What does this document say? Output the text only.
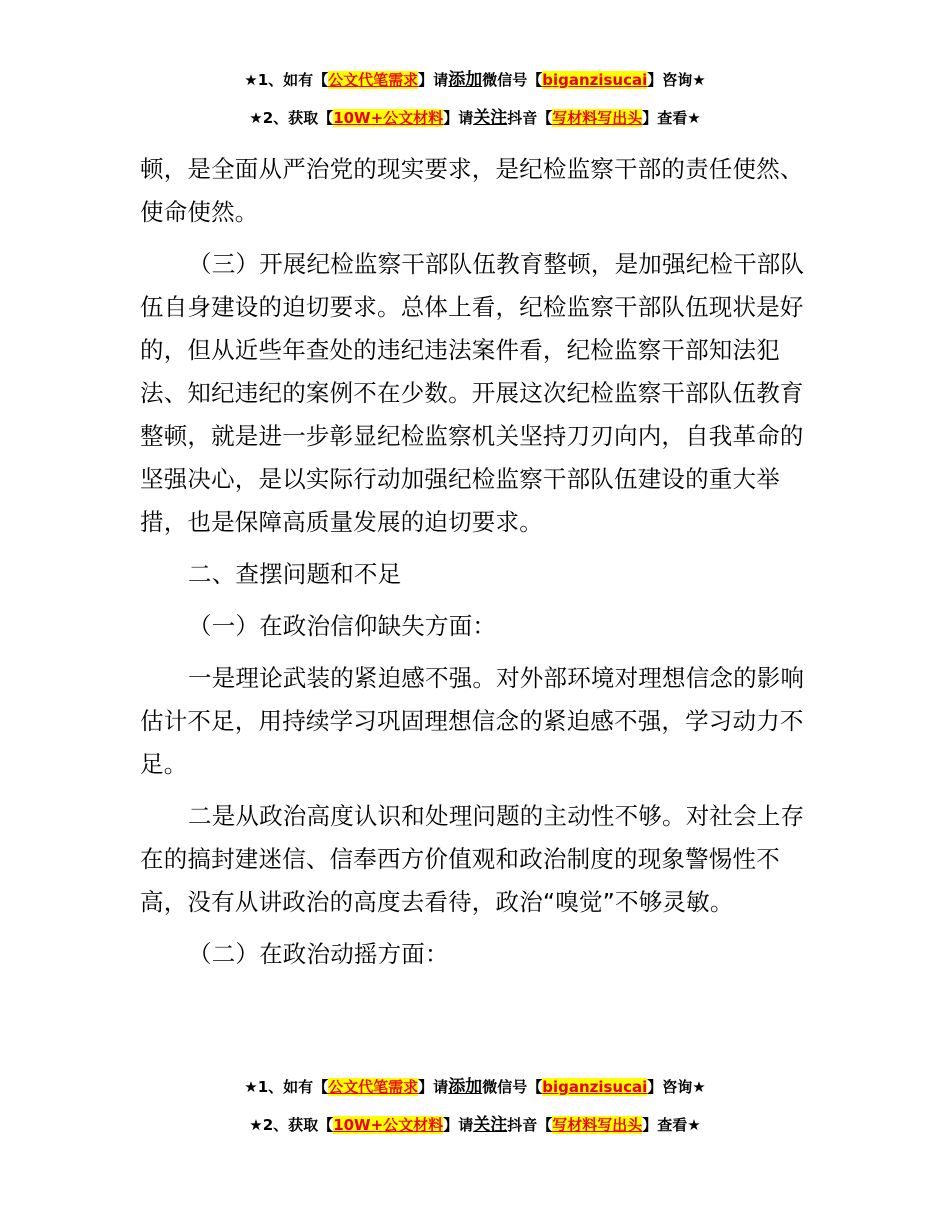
★1、如有【公文代笔需求】请添加微信号【biganzisucai】咨询★
★2、获取【10W+公文材料】请关注抖音【写材料写出头】查看★

顿，是全面从严治党的现实要求，是纪检监察干部的责任使然、使命使然。

（三）开展纪检监察干部队伍教育整顿，是加强纪检干部队伍自身建设的迫切要求。总体上看，纪检监察干部队伍现状是好的，但从近些年查处的违纪违法案件看，纪检监察干部知法犯法、知纪违纪的案例不在少数。开展这次纪检监察干部队伍教育整顿，就是进一步彰显纪检监察机关坚持刀刃向内，自我革命的坚强决心，是以实际行动加强纪检监察干部队伍建设的重大举措，也是保障高质量发展的迫切要求。

二、查摆问题和不足

（一）在政治信仰缺失方面：

一是理论武装的紧迫感不强。对外部环境对理想信念的影响估计不足，用持续学习巩固理想信念的紧迫感不强，学习动力不足。

二是从政治高度认识和处理问题的主动性不够。对社会上存在的搞封建迷信、信奉西方价值观和政治制度的现象警惕性不高，没有从讲政治的高度去看待，政治“嗅觉”不够灵敏。

（二）在政治动摇方面：

★1、如有【公文代笔需求】请添加微信号【biganzisucai】咨询★
★2、获取【10W+公文材料】请关注抖音【写材料写出头】查看★
